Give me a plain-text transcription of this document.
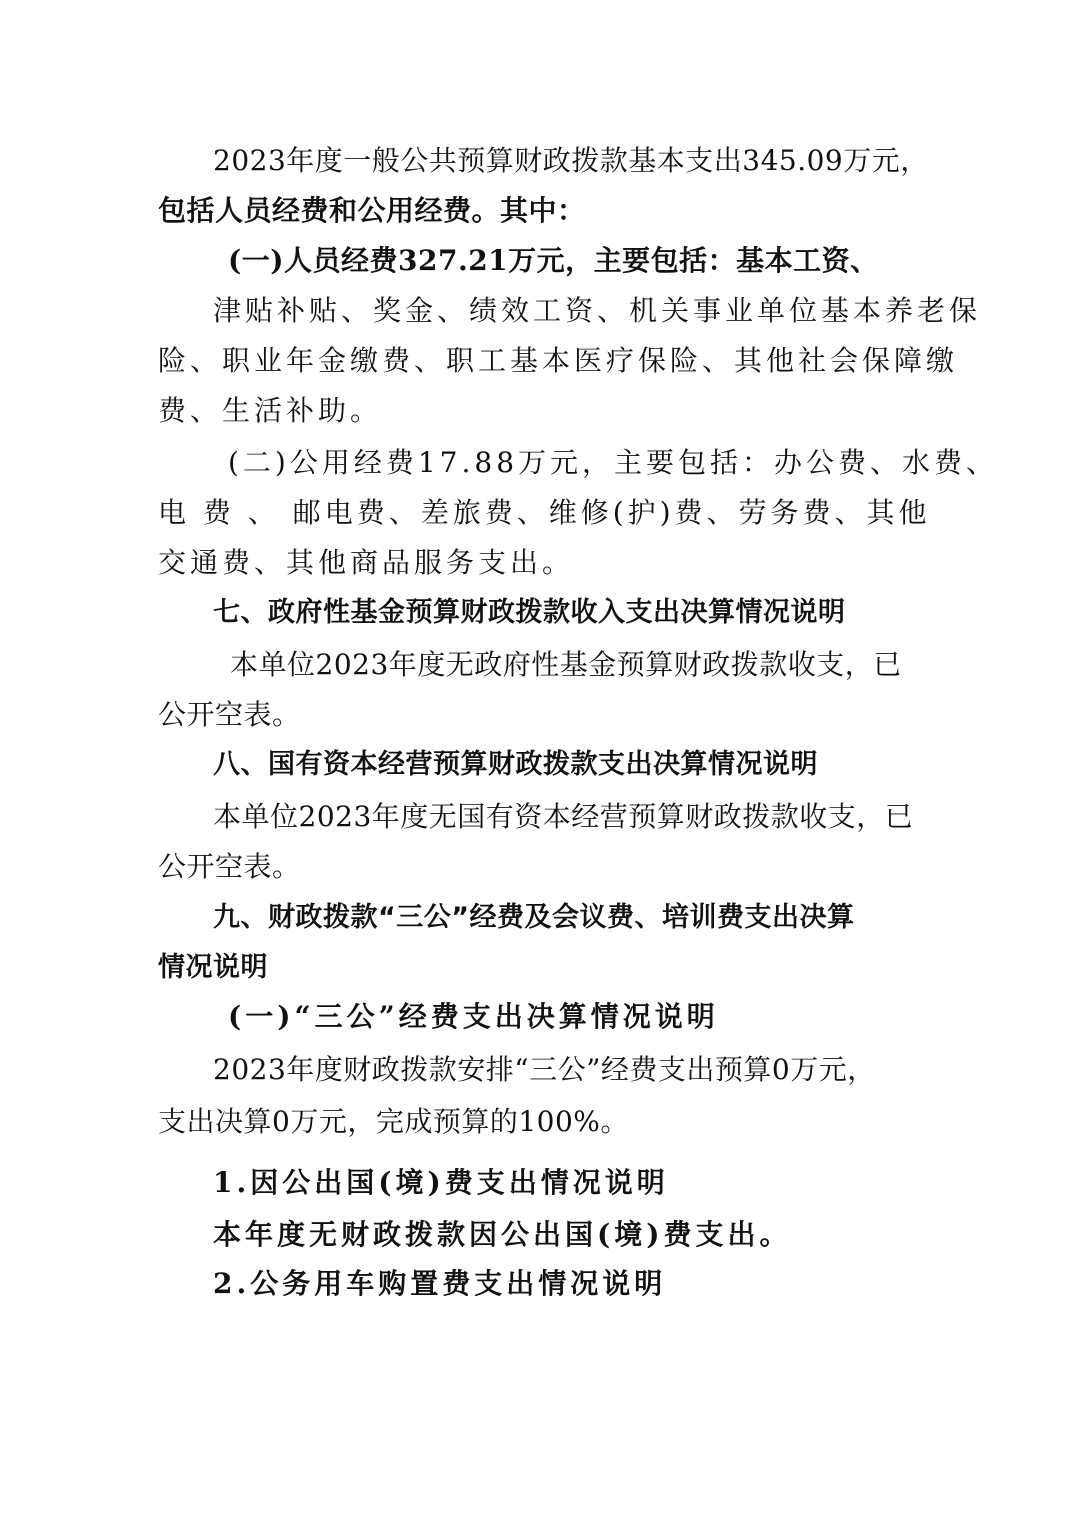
2023年度一般公共预算财政拨款基本支出345.09万元，
包括人员经费和公用经费。其中：
(一)人员经费327.21万元，主要包括：基本工资、
津贴补贴、奖金、绩效工资、机关事业单位基本养老保
险、职业年金缴费、职工基本医疗保险、其他社会保障缴
费、生活补助。
(二)公用经费17.88万元，主要包括：办公费、水费、
电 费 、 邮电费、差旅费、维修(护)费、劳务费、其他
交通费、其他商品服务支出。
七、政府性基金预算财政拨款收入支出决算情况说明
本单位2023年度无政府性基金预算财政拨款收支，已
公开空表。
八、国有资本经营预算财政拨款支出决算情况说明
本单位2023年度无国有资本经营预算财政拨款收支，已
公开空表。
九、财政拨款“三公”经费及会议费、培训费支出决算
情况说明
(一)“三公”经费支出决算情况说明
2023年度财政拨款安排“三公”经费支出预算0万元，
支出决算0万元，完成预算的100%。
1.因公出国(境)费支出情况说明
本年度无财政拨款因公出国(境)费支出。
2.公务用车购置费支出情况说明
